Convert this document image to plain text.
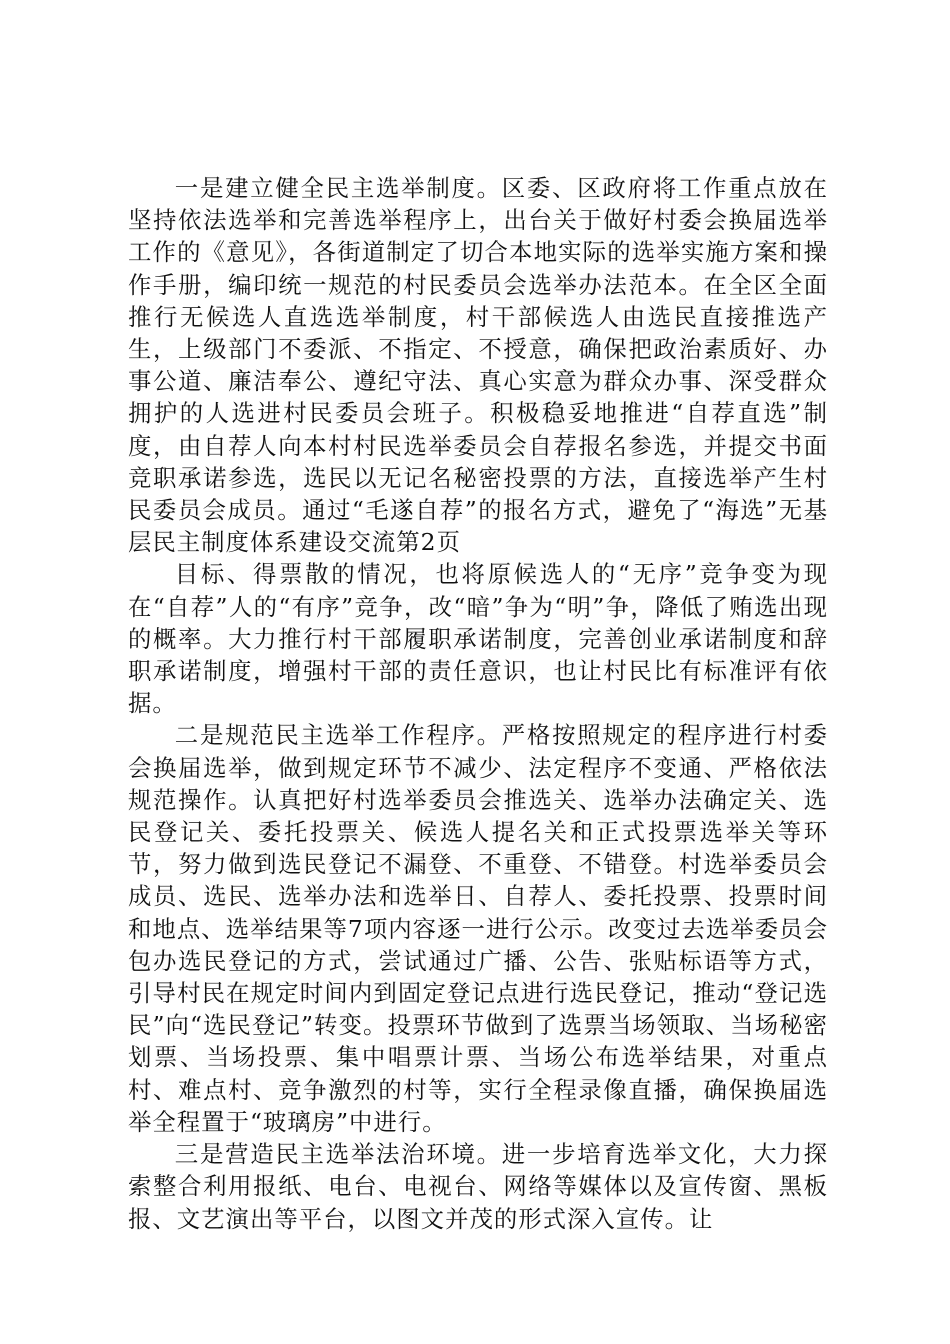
一是建立健全民主选举制度。区委、区政府将工作重点放在坚持依法选举和完善选举程序上，出台关于做好村委会换届选举工作的《意见》，各街道制定了切合本地实际的选举实施方案和操作手册，编印统一规范的村民委员会选举办法范本。在全区全面推行无候选人直选选举制度，村干部候选人由选民直接推选产生，上级部门不委派、不指定、不授意，确保把政治素质好、办事公道、廉洁奉公、遵纪守法、真心实意为群众办事、深受群众拥护的人选进村民委员会班子。积极稳妥地推进“自荐直选”制度，由自荐人向本村村民选举委员会自荐报名参选，并提交书面竞职承诺参选，选民以无记名秘密投票的方法，直接选举产生村民委员会成员。通过“毛遂自荐”的报名方式，避免了“海选”无基层民主制度体系建设交流第2页

目标、得票散的情况，也将原候选人的“无序”竞争变为现在“自荐”人的“有序”竞争，改“暗”争为“明”争，降低了贿选出现的概率。大力推行村干部履职承诺制度，完善创业承诺制度和辞职承诺制度，增强村干部的责任意识，也让村民比有标准评有依据。

二是规范民主选举工作程序。严格按照规定的程序进行村委会换届选举，做到规定环节不减少、法定程序不变通、严格依法规范操作。认真把好村选举委员会推选关、选举办法确定关、选民登记关、委托投票关、候选人提名关和正式投票选举关等环节，努力做到选民登记不漏登、不重登、不错登。村选举委员会成员、选民、选举办法和选举日、自荐人、委托投票、投票时间和地点、选举结果等7项内容逐一进行公示。改变过去选举委员会包办选民登记的方式，尝试通过广播、公告、张贴标语等方式，引导村民在规定时间内到固定登记点进行选民登记，推动“登记选民”向“选民登记”转变。投票环节做到了选票当场领取、当场秘密划票、当场投票、集中唱票计票、当场公布选举结果，对重点村、难点村、竞争激烈的村等，实行全程录像直播，确保换届选举全程置于“玻璃房”中进行。

三是营造民主选举法治环境。进一步培育选举文化，大力探索整合利用报纸、电台、电视台、网络等媒体以及宣传窗、黑板报、文艺演出等平台，以图文并茂的形式深入宣传。让
